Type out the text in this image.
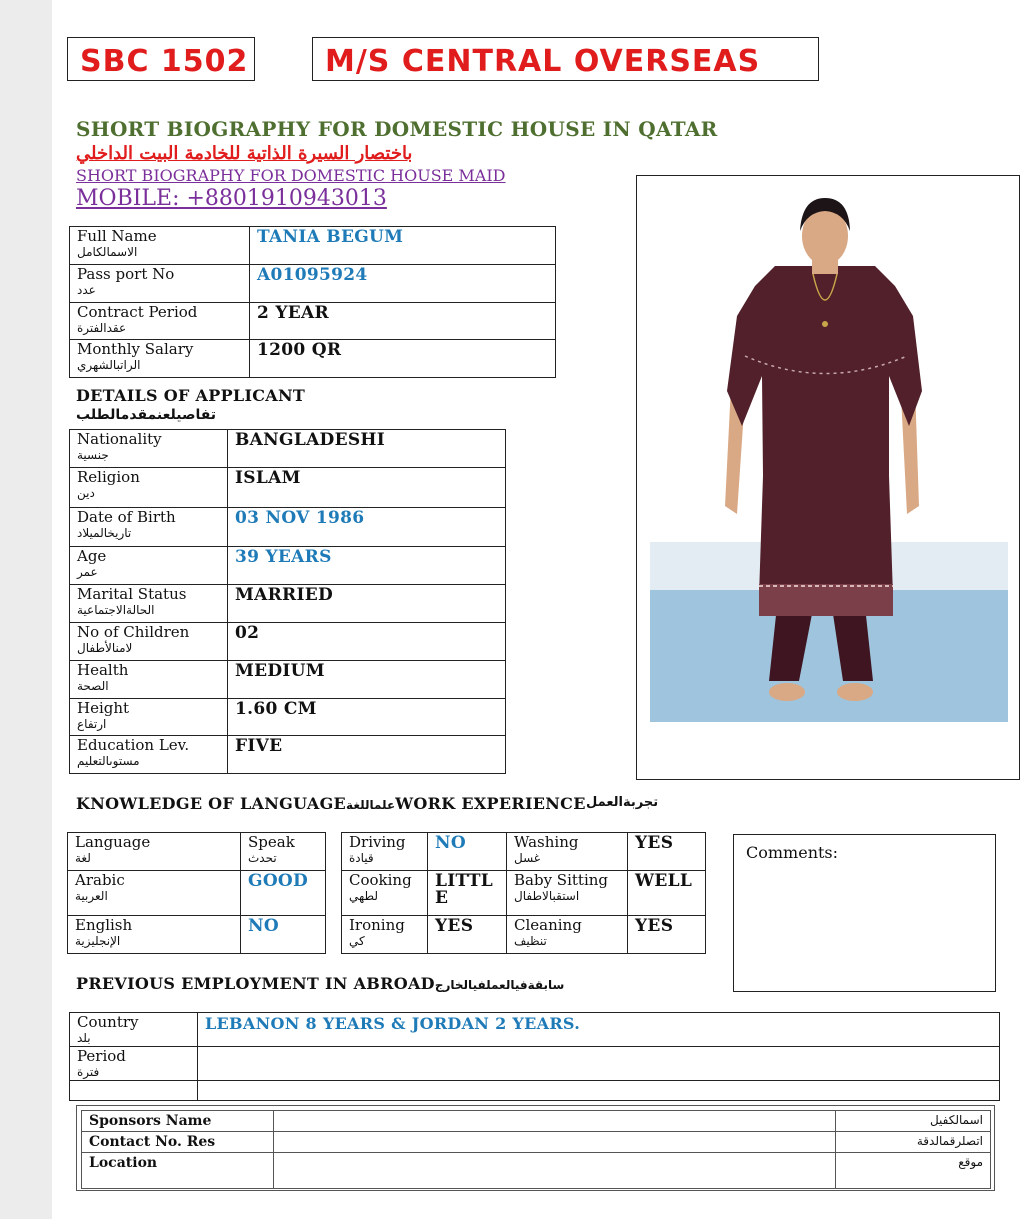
SBC 1502	M/S CENTRAL OVERSEAS
SHORT BIOGRAPHY FOR DOMESTIC HOUSE IN QATAR
باختصار السيرة الذاتية للخادمة البيت الداخلي
SHORT BIOGRAPHY FOR DOMESTIC HOUSE MAID
MOBILE: +8801910943013
Full Name
الاسمالكامل	TANIA BEGUM

Pass port No
عدد	A01095924

Contract Period
عقدالفترة	2 YEAR

Monthly Salary
الراتبالشهري	1200 QR
DETAILS OF APPLICANT
تفاصيلعنمقدمالطلب
Nationality
جنسية	BANGLADESHI

Religion
دين	ISLAM

Date of Birth
تاريخالميلاد	03 NOV 1986

Age
عمر	39 YEARS

Marital Status
الحالةالاجتماعية	MARRIED

No of Children
لامنالأطفال	02

Health
الصحة	MEDIUM

Height
ارتفاع	1.60 CM

Education Lev.
مستوىالتعليم	FIVE
KNOWLEDGE OF LANGUAGEعلماللغةWORK EXPERIENCE تجربةالعمل
Language
لغة	Speak
تحدث

Arabic
العربية	GOOD

English
الإنجليزية	NO
Driving
قيادة	NO	Washing
غسل	YES

Cooking
لطهي	LITTLE	Baby Sitting
استقبالاطفال	WELL

Ironing
كي	YES	Cleaning
تنظيف	YES
Comments:
PREVIOUS EMPLOYMENT IN ABROADسابقةفيالعملفيالخارج
Country
بلد	LEBANON 8 YEARS & JORDAN 2 YEARS.

Period
فترة	

Sponsors Name		اسمالكفيل
Contact No. Res		اتصلرقمالدقة
Location		موقع
